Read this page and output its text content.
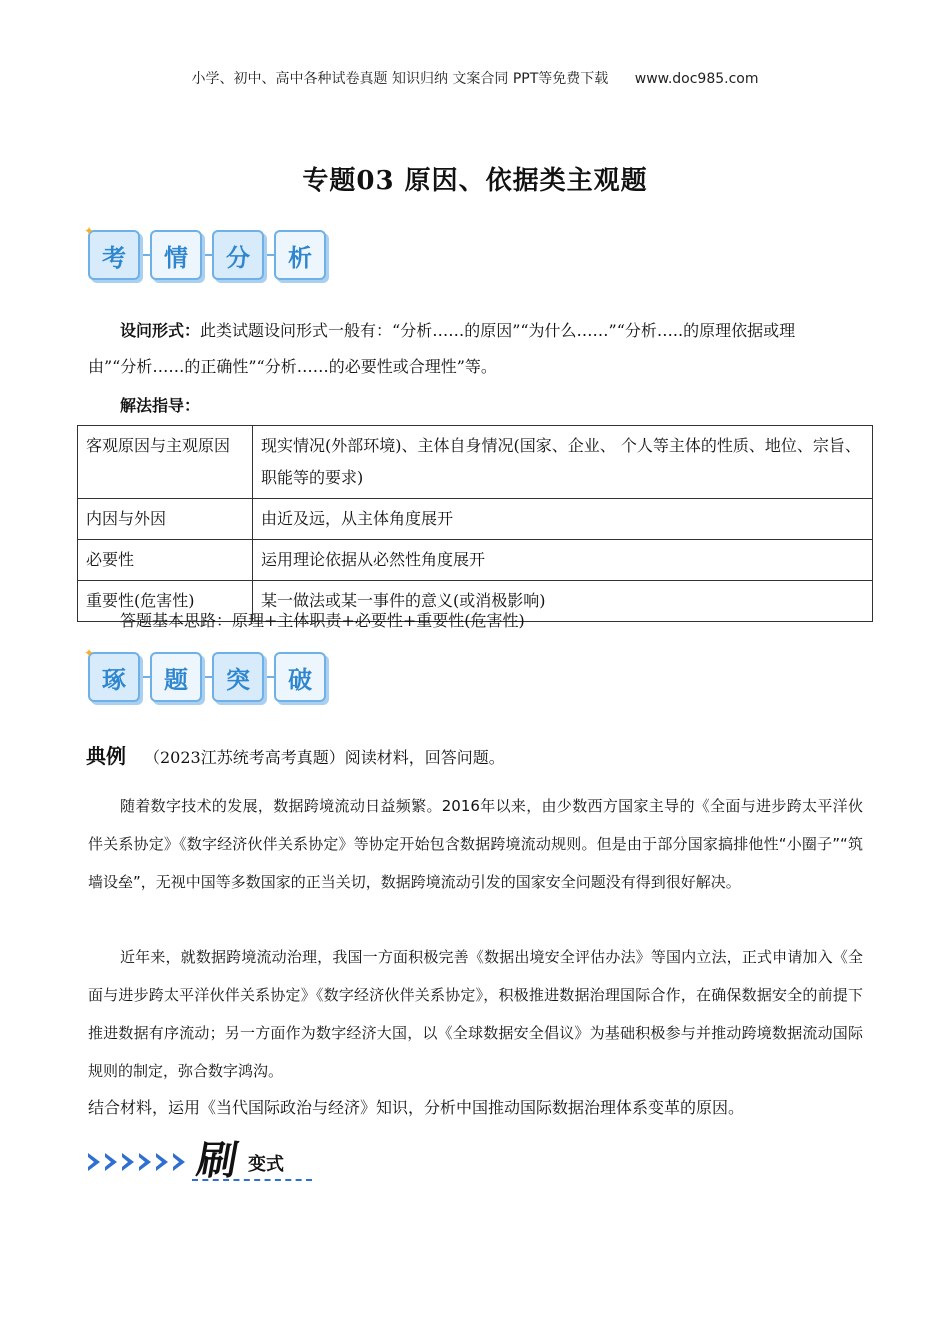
小学、初中、高中各种试卷真题 知识归纳 文案合同 PPT等免费下载 www.doc985.com
专题03 原因、依据类主观题
✦
考 情 分 析
设问形式：此类试题设问形式一般有：“分析……的原因”“为什么……”“分析…..的原理依据或理
由”“分析……的正确性”“分析……的必要性或合理性”等。
解法指导：
客观原因与主观原因	现实情况(外部环境)、主体自身情况(国家、企业、 个人等主体的性质、地位、宗旨、职能等的要求)
内因与外因	由近及远，从主体角度展开
必要性	运用理论依据从必然性角度展开
重要性(危害性)	某一做法或某一事件的意义(或消极影响)
答题基本思路：原理+主体职责+必要性+重要性(危害性)
✦
琢 题 突 破
典例 （2023江苏统考高考真题）阅读材料，回答问题。
随着数字技术的发展，数据跨境流动日益频繁。2016年以来，由少数西方国家主导的《全面与进步跨太平洋伙伴关系协定》《数字经济伙伴关系协定》等协定开始包含数据跨境流动规则。但是由于部分国家搞排他性“小圈子”“筑墙设垒”，无视中国等多数国家的正当关切，数据跨境流动引发的国家安全问题没有得到很好解决。
近年来，就数据跨境流动治理，我国一方面积极完善《数据出境安全评估办法》等国内立法，正式申请加入《全面与进步跨太平洋伙伴关系协定》《数字经济伙伴关系协定》，积极推进数据治理国际合作，在确保数据安全的前提下推进数据有序流动；另一方面作为数字经济大国，以《全球数据安全倡议》为基础积极参与并推动跨境数据流动国际规则的制定，弥合数字鸿沟。
结合材料，运用《当代国际政治与经济》知识，分析中国推动国际数据治理体系变革的原因。
刷 变式
